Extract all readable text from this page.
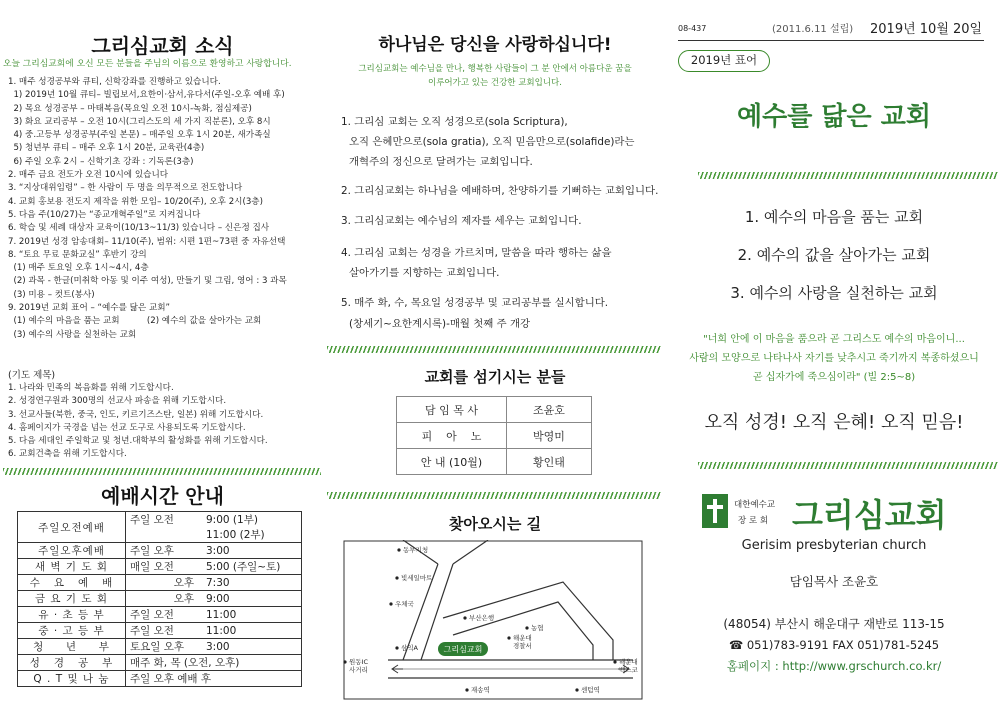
그리심교회 소식
오늘 그리심교회에 오신 모든 분들을 주님의 이름으로 환영하고 사랑합니다.
1. 매주 성경공부와 큐티, 신학강좌를 진행하고 있습니다.
1) 2019년 10월 큐티– 빌립보서,요한이·삼서,유다서(주일-오후 예배 후)
2) 목요 성경공부 – 마태복음(목요일 오전 10시-녹화, 점심제공)
3) 화요 교리공부 – 오전 10시(그리스도의 세 가지 직분론), 오후 8시
4) 중.고등부 성경공부(주일 본문) – 매주일 오후 1시 20분, 새가족실
5) 청년부 큐티 – 매주 오후 1시 20분, 교육관(4층)
6) 주일 오후 2시 – 신학기초 강좌 : 기독론(3층)
2. 매주 금요 전도가 오전 10시에 있습니다
3. “지상대위임령” – 한 사람이 두 명을 의무적으로 전도합니다
4. 교회 홍보용 전도지 제작을 위한 모임– 10/20(주), 오후 2시(3층)
5. 다음 주(10/27)는 “종교개혁주일”로 지켜집니다
6. 학습 및 세례 대상자 교육이(10/13~11/3) 있습니다 – 신은정 집사
7. 2019년 성경 암송대회– 11/10(주), 범위: 시편 1편~73편 중 자유선택
8. “토요 무료 문화교실” 후반기 강의
(1) 매주 토요일 오후 1시~4시, 4층
(2) 과목 - 한글(미취학 아동 및 이주 여성), 만들기 및 그림, 영어 : 3 과목
(3) 미용 – 컷트(봉사)
9. 2019년 교회 표어 – “예수를 닮은 교회”
(1) 예수의 마음을 품는 교회          (2) 예수의 값을 살아가는 교회
(3) 예수의 사랑을 실천하는 교회
(기도 제목)
1. 나라와 민족의 복음화를 위해 기도합시다.
2. 성경연구원과 300명의 선교사 파송을 위해 기도합시다.
3. 선교사들(북한, 중국, 인도, 키르기즈스탄, 일본) 위해 기도합시다.
4. 홈페이지가 국경을 넘는 선교 도구로 사용되도록 기도합시다.
5. 다음 세대인 주일학교 및 청년.대학부의 활성화를 위해 기도합시다.
6. 교회건축을 위해 기도합시다.
예배시간 안내
주일오전예배	주일 오전 9:00 (1부)
11:00 (2부)

주일오후예배	주일 오후 3:00
새 벽 기 도 회	매일 오전 5:00 (주일~토)
수   요   예   배	오후 7:30
금 요 기 도 회	오후 9:00
유 · 초 등 부	주일 오전 11:00
중 · 고 등 부	주일 오전 11:00
청     년     부	토요일 오후 3:00
성   경   공   부	매주 화, 목 (오전, 오후)
Q . T 및 나 눔	주일 오후 예배 후
하나님은 당신을 사랑하십니다!
그리심교회는 예수님을 만나, 행복한 사람들이 그 분 안에서 아름다운 꿈을
이루어가고 있는 건강한 교회입니다.
1. 그리심 교회는 오직 성경으로(sola Scriptura),
오직 은혜만으로(sola gratia), 오직 믿음만으로(solafide)라는
개혁주의 정신으로 달려가는 교회입니다.
2. 그리심교회는 하나님을 예배하며, 찬양하기를 기뻐하는 교회입니다.
3. 그리심교회는 예수님의 제자를 세우는 교회입니다.
4. 그리심 교회는 성경을 가르치며, 말씀을 따라 행하는 삶을
살아가기를 지향하는 교회입니다.
5. 매주 화, 수, 목요일 성경공부 및 교리공부를 실시합니다.
(창세기~요한계시록)-매월 첫째 주 개강
교회를 섬기시는 분들
담 임 목 사	조윤호
피    아    노	박영미
안 내 (10월)	황인태
찾아오시는 길
그리심교회
동부지청
빛세일마트
우체국
부산은행
농협
해운대
경찰서
삼익A
원동IC
사거리
해운대
벡스코
재송역	센텀역
08-437	(2011.6.11 설립) 2019년 10월 20일
2019년 표어
예수를 닮은 교회
1. 예수의 마음을 품는 교회
2. 예수의 값을 살아가는 교회
3. 예수의 사랑을 실천하는 교회
"너희 안에 이 마음을 품으라 곧 그리스도 예수의 마음이니...
사람의 모양으로 나타나사 자기를 낮추시고 죽기까지 복종하셨으니
곧 십자가에 죽으심이라" (빌 2:5~8)
오직 성경! 오직 은혜! 오직 믿음!
대한예수교
장 로 회 그리심교회
Gerisim presbyterian church
담임목사 조윤호
(48054) 부산시 해운대구 재반로 113-15
☎ 051)783-9191 FAX 051)781-5245
홈페이지 : http://www.grschurch.co.kr/
